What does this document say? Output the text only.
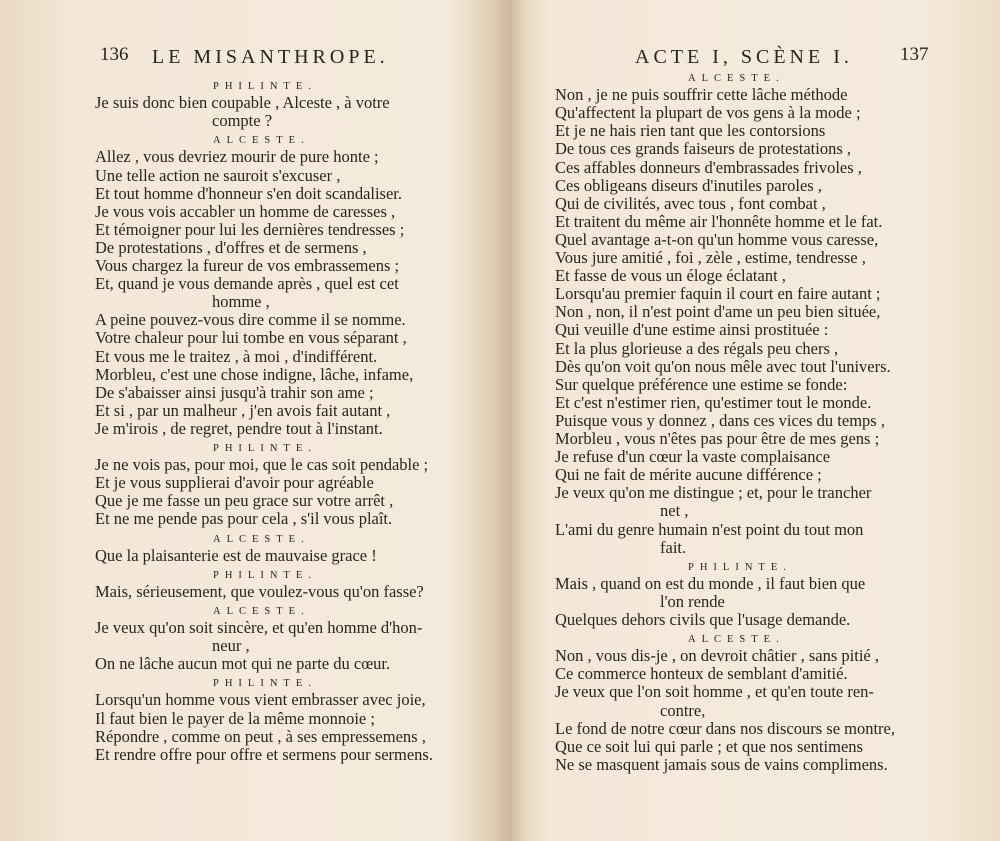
136 LE MISANTHROPE.
PHILINTE.
Je suis donc bien coupable , Alceste , à votre
compte ?
ALCESTE.
Allez , vous devriez mourir de pure honte ;
Une telle action ne sauroit s'excuser ,
Et tout homme d'honneur s'en doit scandaliser.
Je vous vois accabler un homme de caresses ,
Et témoigner pour lui les dernières tendresses ;
De protestations , d'offres et de sermens ,
Vous chargez la fureur de vos embrassemens ;
Et, quand je vous demande après , quel est cet
homme ,
A peine pouvez-vous dire comme il se nomme.
Votre chaleur pour lui tombe en vous séparant ,
Et vous me le traitez , à moi , d'indifférent.
Morbleu, c'est une chose indigne, lâche, infame,
De s'abaisser ainsi jusqu'à trahir son ame ;
Et si , par un malheur , j'en avois fait autant ,
Je m'irois , de regret, pendre tout à l'instant.
PHILINTE.
Je ne vois pas, pour moi, que le cas soit pendable ;
Et je vous supplierai d'avoir pour agréable
Que je me fasse un peu grace sur votre arrêt ,
Et ne me pende pas pour cela , s'il vous plaît.
ALCESTE.
Que la plaisanterie est de mauvaise grace !
PHILINTE.
Mais, sérieusement, que voulez-vous qu'on fasse?
ALCESTE.
Je veux qu'on soit sincère, et qu'en homme d'hon-
neur ,
On ne lâche aucun mot qui ne parte du cœur.
PHILINTE.
Lorsqu'un homme vous vient embrasser avec joie,
Il faut bien le payer de la même monnoie ;
Répondre , comme on peut , à ses empressemens ,
Et rendre offre pour offre et sermens pour sermens.
ACTE I, SCÈNE I. 137
ALCESTE.
Non , je ne puis souffrir cette lâche méthode
Qu'affectent la plupart de vos gens à la mode ;
Et je ne hais rien tant que les contorsions
De tous ces grands faiseurs de protestations ,
Ces affables donneurs d'embrassades frivoles ,
Ces obligeans diseurs d'inutiles paroles ,
Qui de civilités, avec tous , font combat ,
Et traitent du même air l'honnête homme et le fat.
Quel avantage a-t-on qu'un homme vous caresse,
Vous jure amitié , foi , zèle , estime, tendresse ,
Et fasse de vous un éloge éclatant ,
Lorsqu'au premier faquin il court en faire autant ;
Non , non, il n'est point d'ame un peu bien située,
Qui veuille d'une estime ainsi prostituée :
Et la plus glorieuse a des régals peu chers ,
Dès qu'on voit qu'on nous mêle avec tout l'univers.
Sur quelque préférence une estime se fonde:
Et c'est n'estimer rien, qu'estimer tout le monde.
Puisque vous y donnez , dans ces vices du temps ,
Morbleu , vous n'êtes pas pour être de mes gens ;
Je refuse d'un cœur la vaste complaisance
Qui ne fait de mérite aucune différence ;
Je veux qu'on me distingue ; et, pour le trancher
net ,
L'ami du genre humain n'est point du tout mon
fait.
PHILINTE.
Mais , quand on est du monde , il faut bien que
l'on rende
Quelques dehors civils que l'usage demande.
ALCESTE.
Non , vous dis-je , on devroit châtier , sans pitié ,
Ce commerce honteux de semblant d'amitié.
Je veux que l'on soit homme , et qu'en toute ren-
contre,
Le fond de notre cœur dans nos discours se montre,
Que ce soit lui qui parle ; et que nos sentimens
Ne se masquent jamais sous de vains complimens.
